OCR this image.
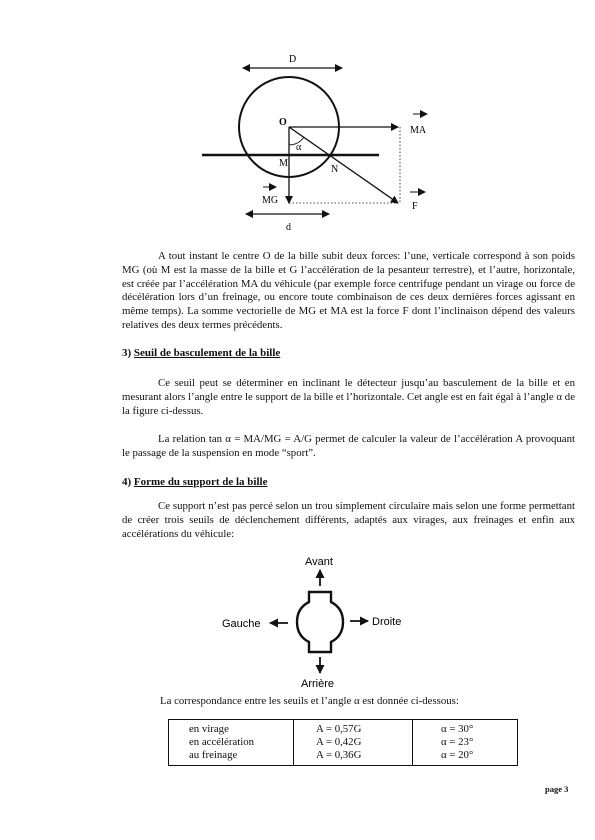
D
O
α
MA
M
N
MG
F
d

A tout instant le centre O de la bille subit deux forces: l’une, verticale correspond à son poids MG (où M est la masse de la bille et G l’accélération de la pesanteur terrestre), et l’autre, horizontale, est créée par l’accélération MA du véhicule (par exemple force centrifuge pendant un virage ou force de décélération lors d’un freinage, ou encore toute combinaison de ces deux dernières forces agissant en même temps). La somme vectorielle de MG et MA est la force F dont l’inclinaison dépend des valeurs relatives des deux termes précédents.

3) Seuil de basculement de la bille

Ce seuil peut se déterminer en inclinant le détecteur jusqu’au basculement de la bille et en mesurant alors l’angle entre le support de la bille et l’horizontale. Cet angle est en fait égal à l’angle α de la figure ci-dessus.

La relation tan α = MA/MG = A/G permet de calculer la valeur de l’accélération A provoquant le passage de la suspension en mode “sport”.

4) Forme du support de la bille

Ce support n’est pas percé selon un trou simplement circulaire mais selon une forme permettant de créer trois seuils de déclenchement différents, adaptés aux virages, aux freinages et enfin aux accélérations du véhicule:

Avant
Gauche	Droite
Arrière

La correspondance entre les seuils et l’angle α est donnée ci-dessous:

en virage	A = 0,57G	α = 30°
en accélération	A = 0,42G	α = 23°
au freinage	A = 0,36G	α = 20°
page 3
